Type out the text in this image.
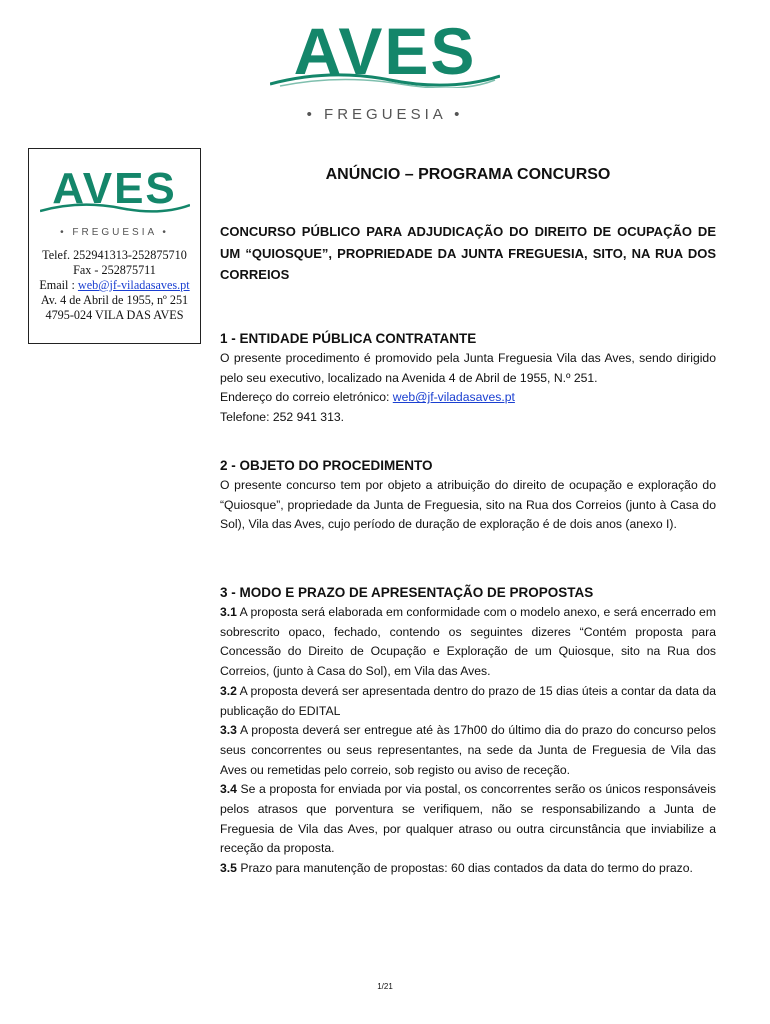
AVES
• FREGUESIA •
AVES
• FREGUESIA •
Telef. 252941313-252875710
Fax - 252875711
Email : web@jf-viladasaves.pt
Av. 4 de Abril de 1955, nº 251
4795-024 VILA DAS AVES
ANÚNCIO – PROGRAMA CONCURSO
CONCURSO PÚBLICO PARA ADJUDICAÇÃO DO DIREITO DE OCUPAÇÃO DE UM “QUIOSQUE”, PROPRIEDADE DA JUNTA FREGUESIA, SITO, NA RUA DOS CORREIOS
1 - ENTIDADE PÚBLICA CONTRATANTE

O presente procedimento é promovido pela Junta Freguesia Vila das Aves, sendo dirigido pelo seu executivo, localizado na Avenida 4 de Abril de 1955, N.º 251.

Endereço do correio eletrónico: web@jf-viladasaves.pt

Telefone: 252 941 313.

2 - OBJETO DO PROCEDIMENTO

O presente concurso tem por objeto a atribuição do direito de ocupação e exploração do “Quiosque”, propriedade da Junta de Freguesia, sito na Rua dos Correios (junto à Casa do Sol), Vila das Aves, cujo período de duração de exploração é de dois anos (anexo I).

3 - MODO E PRAZO DE APRESENTAÇÃO DE PROPOSTAS

3.1 A proposta será elaborada em conformidade com o modelo anexo, e será encerrado em sobrescrito opaco, fechado, contendo os seguintes dizeres “Contém proposta para Concessão do Direito de Ocupação e Exploração de um Quiosque, sito na Rua dos Correios, (junto à Casa do Sol), em Vila das Aves.

3.2 A proposta deverá ser apresentada dentro do prazo de 15 dias úteis a contar da data da publicação do EDITAL

3.3 A proposta deverá ser entregue até às 17h00 do último dia do prazo do concurso pelos seus concorrentes ou seus representantes, na sede da Junta de Freguesia de Vila das Aves ou remetidas pelo correio, sob registo ou aviso de receção.

3.4 Se a proposta for enviada por via postal, os concorrentes serão os únicos responsáveis pelos atrasos que porventura se verifiquem, não se responsabilizando a Junta de Freguesia de Vila das Aves, por qualquer atraso ou outra circunstância que inviabilize a receção da proposta.

3.5 Prazo para manutenção de propostas: 60 dias contados da data do termo do prazo.

1/21
